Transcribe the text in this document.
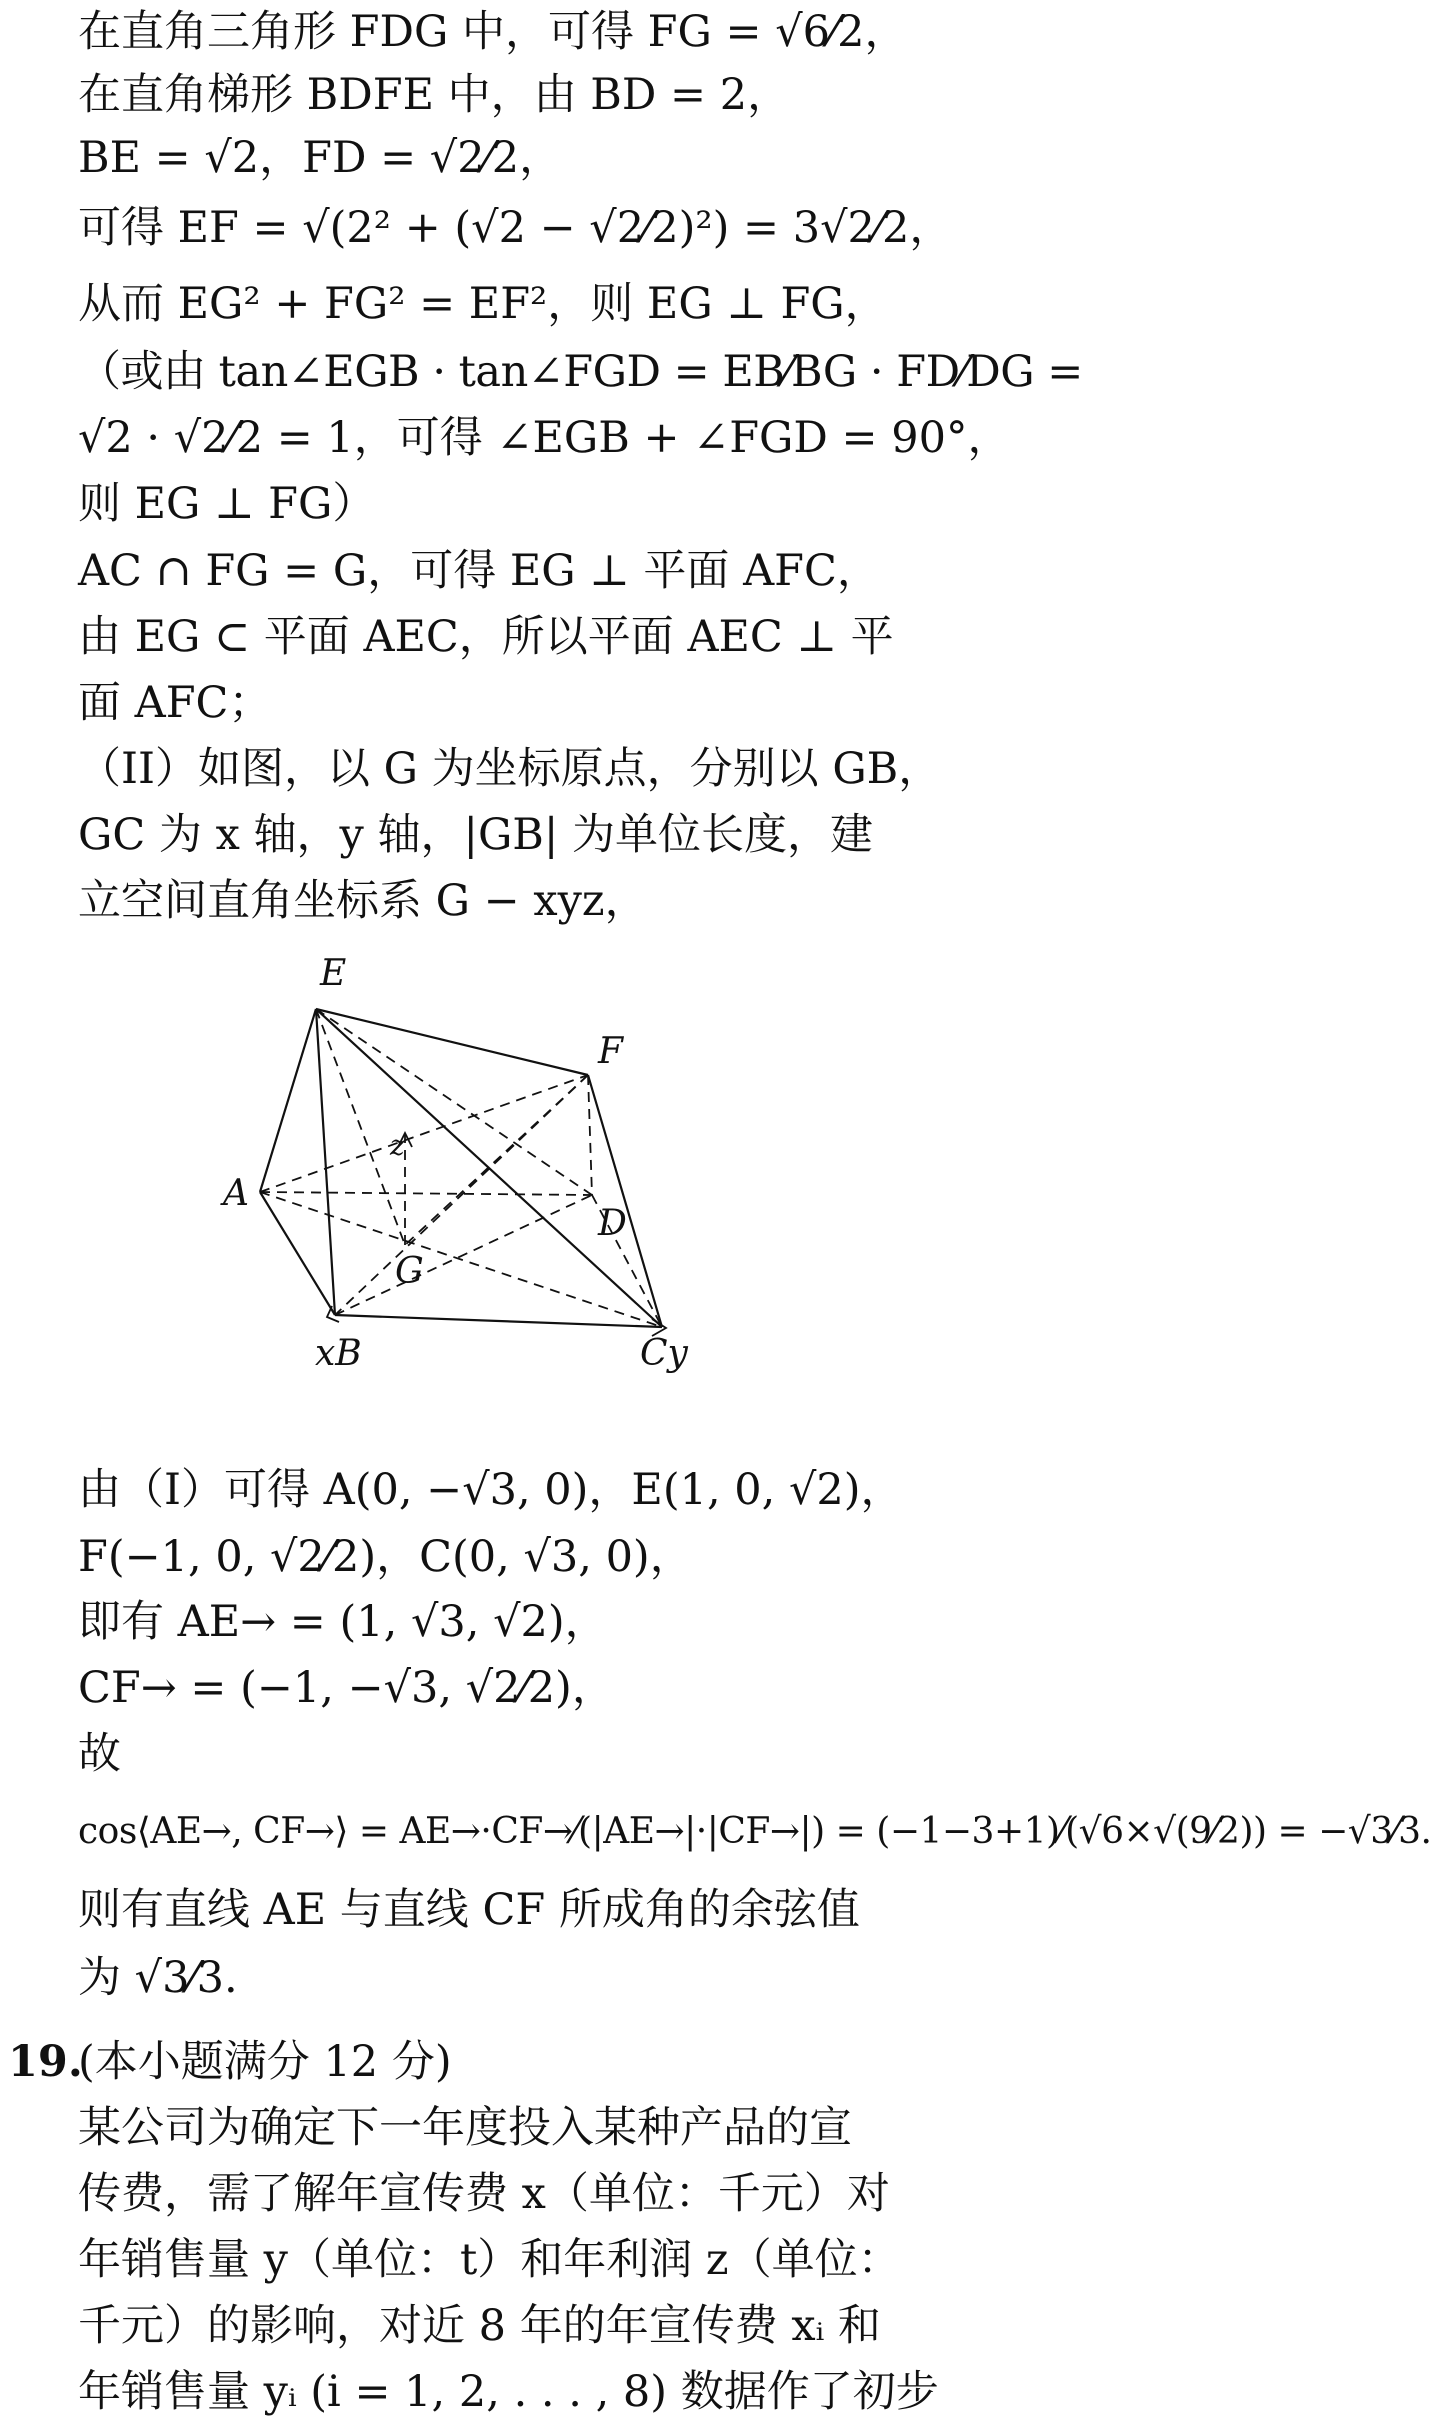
在直角三角形 FDG 中，可得 FG = √6⁄2，
在直角梯形 BDFE 中，由 BD = 2，
BE = √2，FD = √2⁄2，
可得 EF = √(2² + (√2 − √2⁄2)²) = 3√2⁄2，
从而 EG² + FG² = EF²，则 EG ⊥ FG，
（或由 tan∠EGB · tan∠FGD = EB⁄BG · FD⁄DG =
√2 · √2⁄2 = 1，可得 ∠EGB + ∠FGD = 90°，
则 EG ⊥ FG）
AC ∩ FG = G，可得 EG ⊥ 平面 AFC，
由 EG ⊂ 平面 AEC，所以平面 AEC ⊥ 平
面 AFC；
（II）如图，以 G 为坐标原点，分别以 GB，
GC 为 x 轴，y 轴，|GB| 为单位长度，建
立空间直角坐标系 G − xyz，
E
F
A
D
G
z
xB	Cy
由（I）可得 A(0, −√3, 0)，E(1, 0, √2)，
F(−1, 0, √2⁄2)，C(0, √3, 0)，
即有 AE→ = (1, √3, √2)，
CF→ = (−1, −√3, √2⁄2)，
故
cos⟨AE→, CF→⟩ = AE→·CF→⁄(|AE→|·|CF→|) = (−1−3+1)⁄(√6×√(9⁄2)) = −√3⁄3.
则有直线 AE 与直线 CF 所成角的余弦值
为 √3⁄3.
19.
(本小题满分 12 分)
某公司为确定下一年度投入某种产品的宣
传费，需了解年宣传费 x（单位：千元）对
年销售量 y（单位：t）和年利润 z（单位：
千元）的影响，对近 8 年的年宣传费 xᵢ 和
年销售量 yᵢ (i = 1, 2, . . . , 8) 数据作了初步
